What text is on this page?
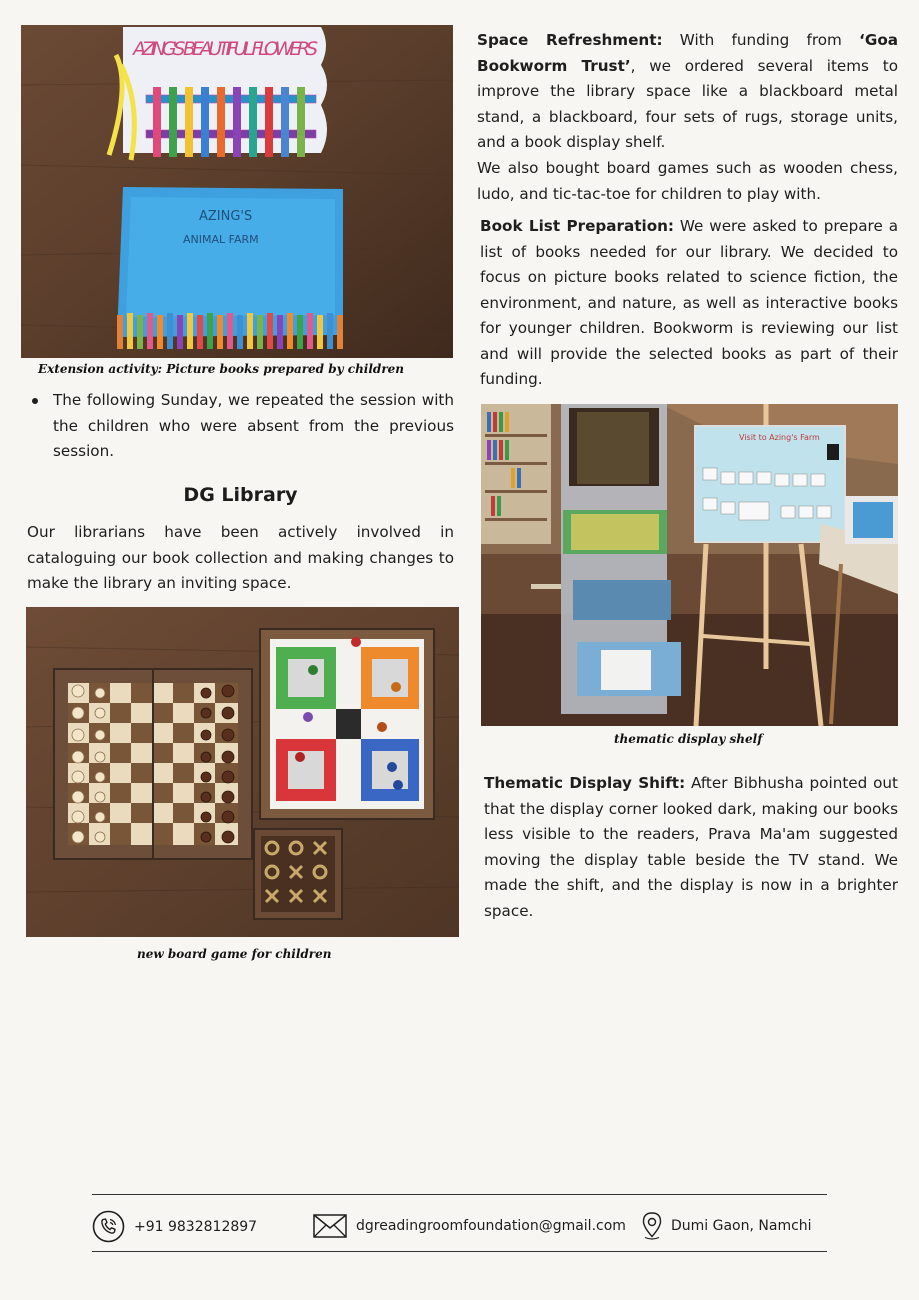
AZING'S BEAUTIFUL FLOWERS
AZING'S
ANIMAL FARM
Extension activity: Picture books prepared by children
The following Sunday, we repeated the session with the children who were absent from the previous session.
DG Library

Our librarians have been actively involved in cataloguing our book collection and making changes to make the library an inviting space.

new board game for children

Space Refreshment: With funding from ‘Goa Bookworm Trust’, we ordered several items to improve the library space like a blackboard metal stand, a blackboard, four sets of rugs, storage units, and a book display shelf.

We also bought board games such as wooden chess, ludo, and tic-tac-toe for children to play with.

Book List Preparation: We were asked to prepare a list of books needed for our library. We decided to focus on picture books related to science fiction, the environment, and nature, as well as interactive books for younger children. Bookworm is reviewing our list and will provide the selected books as part of their funding.

Visit to Azing's Farm
thematic display shelf

Thematic Display Shift: After Bibhusha pointed out that the display corner looked dark, making our books less visible to the readers, Prava Ma'am suggested moving the display table beside the TV stand. We made the shift, and the display is now in a brighter space.

+91 9832812897	dgreadingroomfoundation@gmail.com	Dumi Gaon, Namchi
